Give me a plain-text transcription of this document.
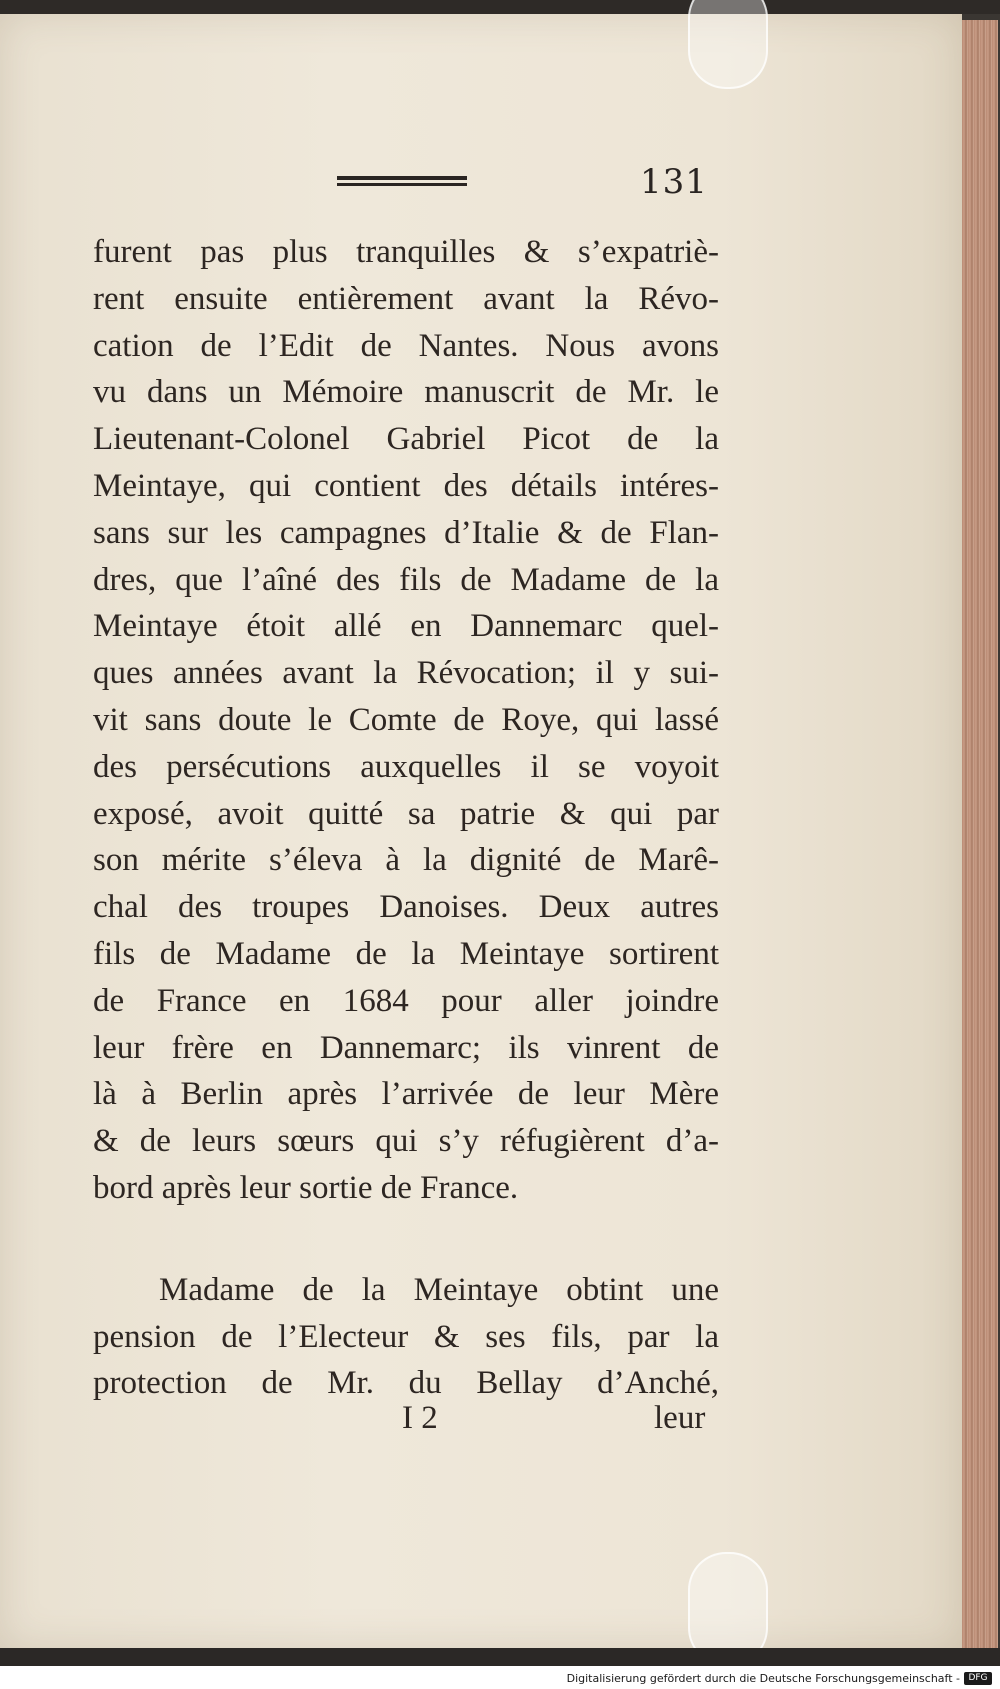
131
furent pas plus tranquilles & s’expatriè-
rent ensuite entièrement avant la Révo-
cation de l’Edit de Nantes. Nous avons
vu dans un Mémoire manuscrit de Mr. le
Lieutenant-Colonel Gabriel Picot de la
Meintaye, qui contient des détails intéres-
sans sur les campagnes d’Italie & de Flan-
dres, que l’aîné des fils de Madame de la
Meintaye étoit allé en Dannemarc quel-
ques années avant la Révocation; il y sui-
vit sans doute le Comte de Roye, qui lassé
des persécutions auxquelles il se voyoit
exposé, avoit quitté sa patrie & qui par
son mérite s’éleva à la dignité de Marê-
chal des troupes Danoises. Deux autres
fils de Madame de la Meintaye sortirent
de France en 1684 pour aller joindre
leur frère en Dannemarc; ils vinrent de
là à Berlin après l’arrivée de leur Mère
& de leurs sœurs qui s’y réfugièrent d’a-
bord après leur sortie de France.
Madame de la Meintaye obtint une
pension de l’Electeur & ses fils, par la
protection de Mr. du Bellay d’Anché,
I 2	leur
Digitalisierung gefördert durch die Deutsche Forschungsgemeinschaft - DFG
